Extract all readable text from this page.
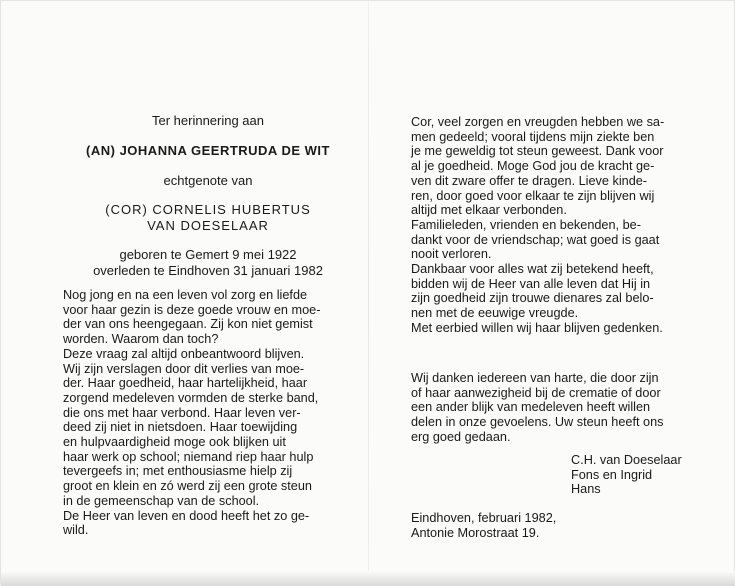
Ter herinnering aan
(AN) JOHANNA GEERTRUDA DE WIT
echtgenote van
(COR) CORNELIS HUBERTUS
VAN DOESELAAR
geboren te Gemert 9 mei 1922
overleden te Eindhoven 31 januari 1982
Nog jong en na een leven vol zorg en liefde
voor haar gezin is deze goede vrouw en moe-
der van ons heengegaan. Zij kon niet gemist
worden. Waarom dan toch?
Deze vraag zal altijd onbeantwoord blijven.
Wij zijn verslagen door dit verlies van moe-
der. Haar goedheid, haar hartelijkheid, haar
zorgend medeleven vormden de sterke band,
die ons met haar verbond. Haar leven ver-
deed zij niet in nietsdoen. Haar toewijding
en hulpvaardigheid moge ook blijken uit
haar werk op school; niemand riep haar hulp
tevergeefs in; met enthousiasme hielp zij
groot en klein en zó werd zij een grote steun
in de gemeenschap van de school.
De Heer van leven en dood heeft het zo ge-
wild.
Cor, veel zorgen en vreugden hebben we sa-
men gedeeld; vooral tijdens mijn ziekte ben
je me geweldig tot steun geweest. Dank voor
al je goedheid. Moge God jou de kracht ge-
ven dit zware offer te dragen. Lieve kinde-
ren, door goed voor elkaar te zijn blijven wij
altijd met elkaar verbonden.
Familieleden, vrienden en bekenden, be-
dankt voor de vriendschap; wat goed is gaat
nooit verloren.
Dankbaar voor alles wat zij betekend heeft,
bidden wij de Heer van alle leven dat Hij in
zijn goedheid zijn trouwe dienares zal belo-
nen met de eeuwige vreugde.
Met eerbied willen wij haar blijven gedenken.
Wij danken iedereen van harte, die door zijn
of haar aanwezigheid bij de crematie of door
een ander blijk van medeleven heeft willen
delen in onze gevoelens. Uw steun heeft ons
erg goed gedaan.
C.H. van Doeselaar
Fons en Ingrid
Hans
Eindhoven, februari 1982,
Antonie Morostraat 19.
